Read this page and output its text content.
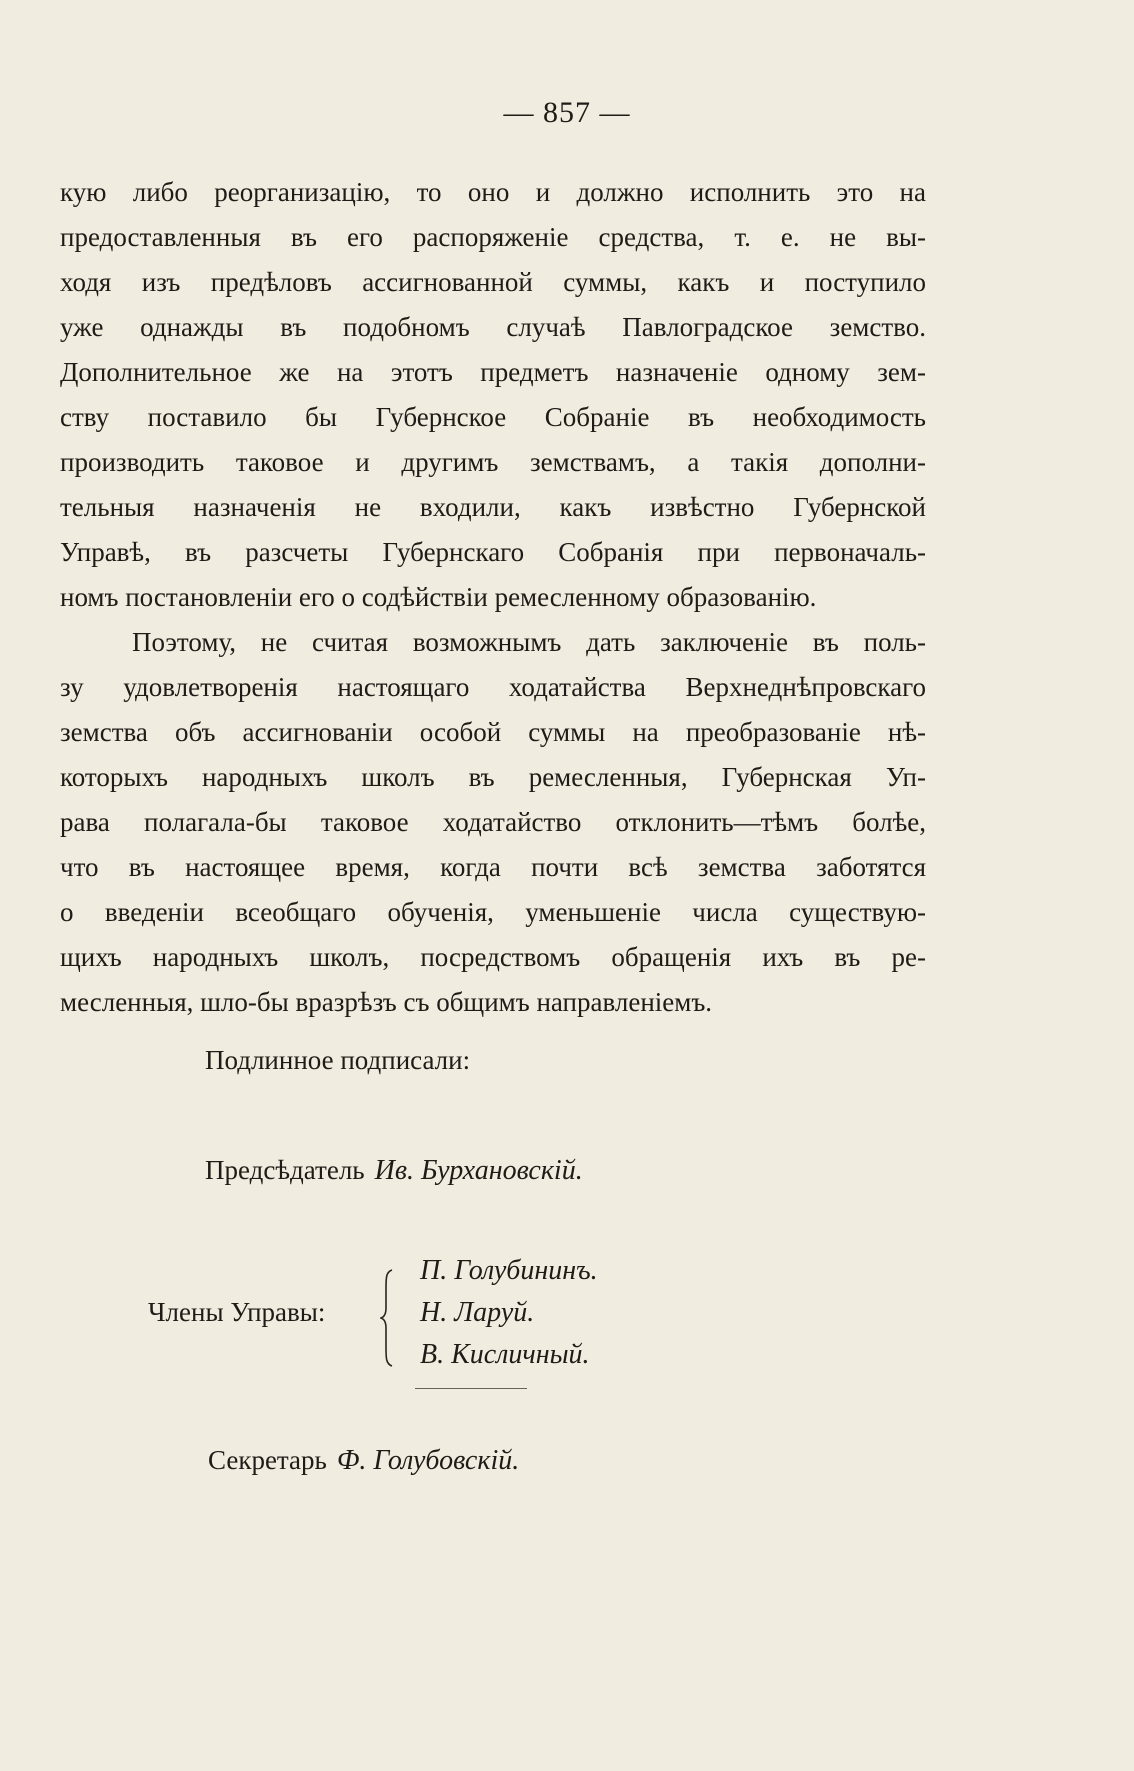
— 857 —
кую либо реорганизацію, то оно и должно исполнить это на
предоставленныя въ его распоряженіе средства, т. е. не вы-
ходя изъ предѣловъ ассигнованной суммы, какъ и поступило
уже однажды въ подобномъ случаѣ Павлоградское земство.
Дополнительное же на этотъ предметъ назначеніе одному зем-
ству поставило бы Губернское Собраніе въ необходимость
производить таковое и другимъ земствамъ, а такія дополни-
тельныя назначенія не входили, какъ извѣстно Губернской
Управѣ, въ разсчеты Губернскаго Собранія при первоначаль-
номъ постановленіи его о содѣйствіи ремесленному образованію.
Поэтому, не считая возможнымъ дать заключеніе въ поль-
зу удовлетворенія настоящаго ходатайства Верхнеднѣпровскаго
земства объ ассигнованіи особой суммы на преобразованіе нѣ-
которыхъ народныхъ школъ въ ремесленныя, Губернская Уп-
рава полагала-бы таковое ходатайство отклонить—тѣмъ болѣе,
что въ настоящее время, когда почти всѣ земства заботятся
о введеніи всеобщаго обученія, уменьшеніе числа существую-
щихъ народныхъ школъ, посредствомъ обращенія ихъ въ ре-
месленныя, шло-бы вразрѣзъ съ общимъ направленіемъ.
Подлинное подписали:
Предсѣдатель Ив. Бурхановскій.
Члены Управы:
П. Голубининъ.
Н. Ларуй.
В. Кисличный.
Секретарь Ф. Голубовскій.
